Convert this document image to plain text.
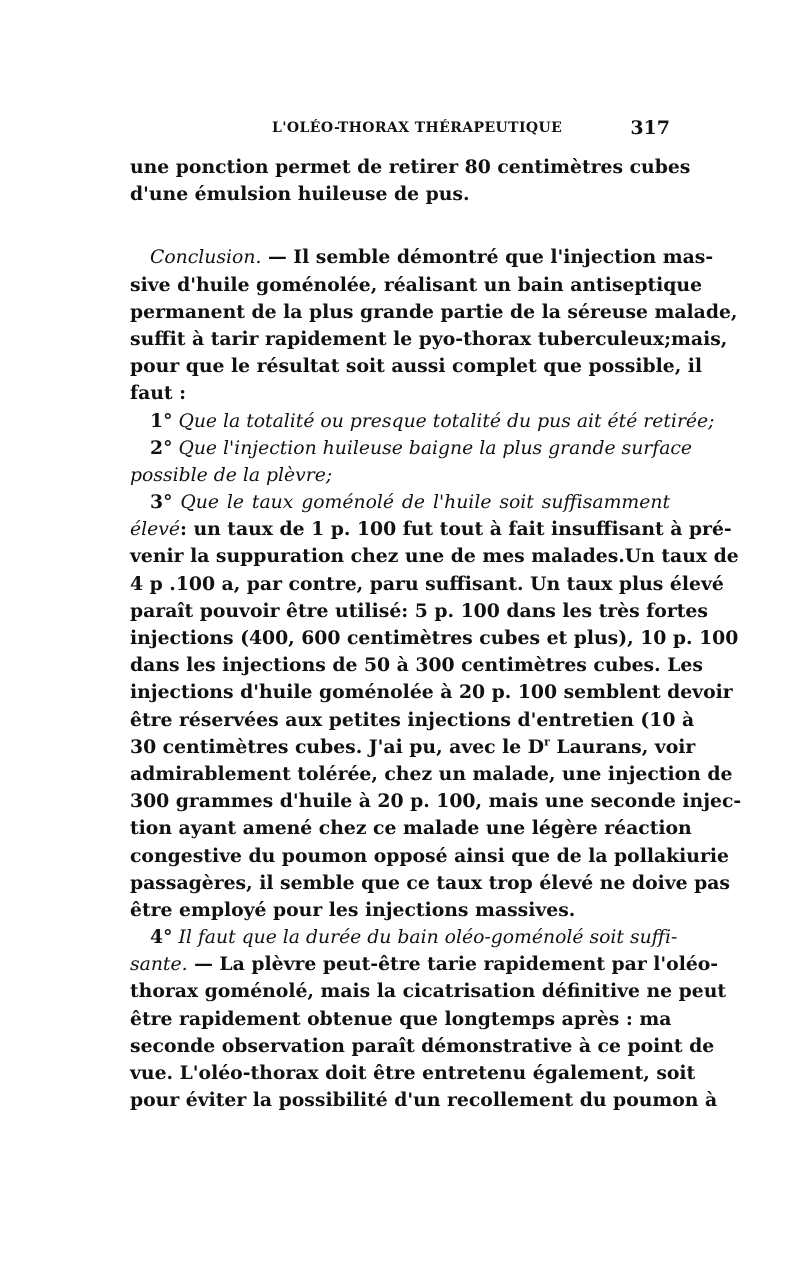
L'OLÉO-THORAX THÉRAPEUTIQUE	317
une ponction permet de retirer 80 centimètres cubes
d'une émulsion huileuse de pus.
Conclusion. — Il semble démontré que l'injection mas-
sive d'huile goménolée, réalisant un bain antiseptique
permanent de la plus grande partie de la séreuse malade,
suffit à tarir rapidement le pyo-thorax tuberculeux;mais,
pour que le résultat soit aussi complet que possible, il
faut :
1° Que la totalité ou presque totalité du pus ait été retirée;
2° Que l'injection huileuse baigne la plus grande surface
possible de la plèvre;
3° Que le taux goménolé de l'huile soit suffisamment
élevé: un taux de 1 p. 100 fut tout à fait insuffisant à pré-
venir la suppuration chez une de mes malades.Un taux de
4 p .100 a, par contre, paru suffisant. Un taux plus élevé
paraît pouvoir être utilisé: 5 p. 100 dans les très fortes
injections (400, 600 centimètres cubes et plus), 10 p. 100
dans les injections de 50 à 300 centimètres cubes. Les
injections d'huile goménolée à 20 p. 100 semblent devoir
être réservées aux petites injections d'entretien (10 à
30 centimètres cubes. J'ai pu, avec le $D^r$ Laurans, voir
admirablement tolérée, chez un malade, une injection de
300 grammes d'huile à 20 p. 100, mais une seconde injec-
tion ayant amené chez ce malade une légère réaction
congestive du poumon opposé ainsi que de la pollakiurie
passagères, il semble que ce taux trop élevé ne doive pas
être employé pour les injections massives.
4° Il faut que la durée du bain oléo-goménolé soit suffi-
sante. — La plèvre peut-être tarie rapidement par l'oléo-
thorax goménolé, mais la cicatrisation définitive ne peut
être rapidement obtenue que longtemps après : ma
seconde observation paraît démonstrative à ce point de
vue. L'oléo-thorax doit être entretenu également, soit
pour éviter la possibilité d'un recollement du poumon à
